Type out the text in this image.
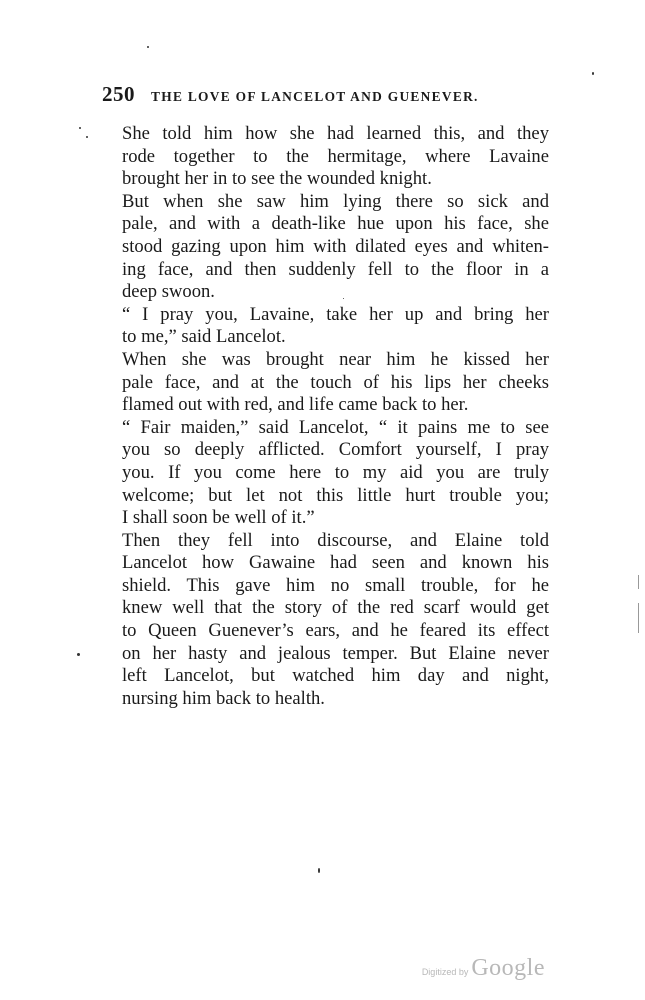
250 THE LOVE OF LANCELOT AND GUENEVER.

She told him how she had learned this, and they
rode together to the hermitage, where Lavaine
brought her in to see the wounded knight.

But when she saw him lying there so sick and
pale, and with a death-like hue upon his face, she
stood gazing upon him with dilated eyes and whiten-
ing face, and then suddenly fell to the floor in a
deep swoon.

“ I pray you, Lavaine, take her up and bring her
to me,” said Lancelot.

When she was brought near him he kissed her
pale face, and at the touch of his lips her cheeks
flamed out with red, and life came back to her.

“ Fair maiden,” said Lancelot, “ it pains me to see
you so deeply afflicted. Comfort yourself, I pray
you. If you come here to my aid you are truly
welcome; but let not this little hurt trouble you;
I shall soon be well of it.”

Then they fell into discourse, and Elaine told
Lancelot how Gawaine had seen and known his
shield. This gave him no small trouble, for he
knew well that the story of the red scarf would get
to Queen Guenever’s ears, and he feared its effect
on her hasty and jealous temper. But Elaine never
left Lancelot, but watched him day and night,
nursing him back to health.

Digitized by Google
